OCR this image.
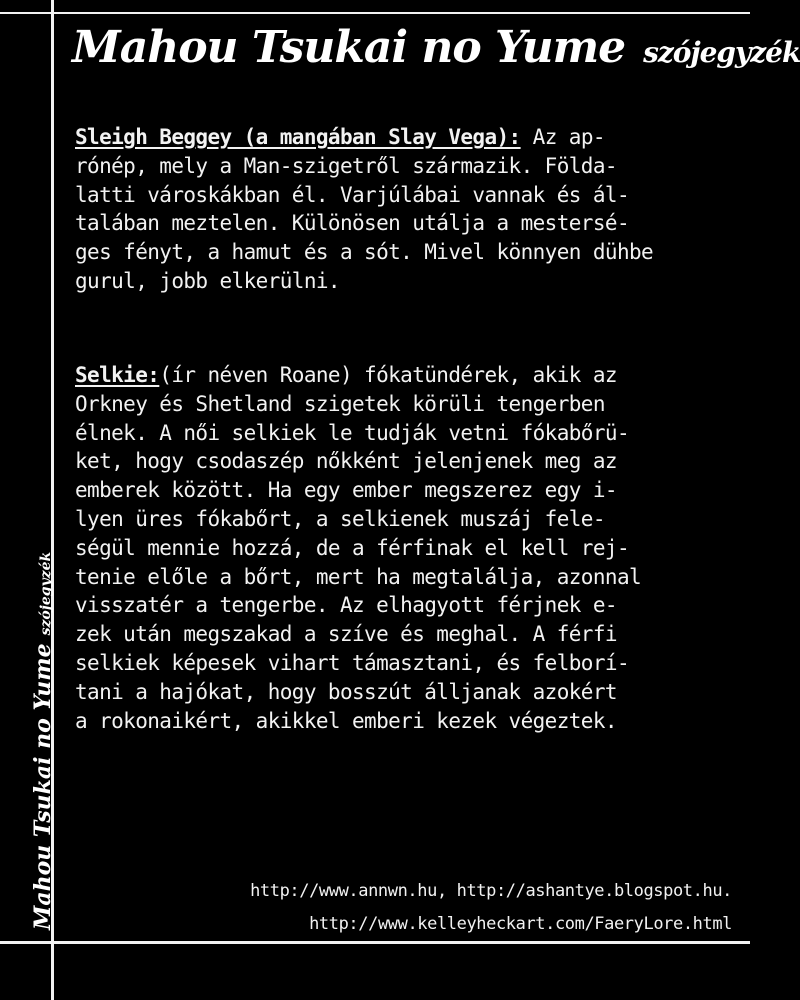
Mahou Tsukai no Yume szójegyzék
Mahou Tsukai no Yumeszójegyzék
Sleigh Beggey (a mangában Slay Vega): Az ap-
rónép, mely a Man-szigetről származik. Földa-
latti városkákban él. Varjúlábai vannak és ál-
talában meztelen. Különösen utálja a mestersé-
ges fényt, a hamut és a sót. Mivel könnyen dühbe
gurul, jobb elkerülni.
Selkie:(ír néven Roane) fókatündérek, akik az
Orkney és Shetland szigetek körüli tengerben
élnek. A női selkiek le tudják vetni fókabőrü-
ket, hogy csodaszép nőkként jelenjenek meg az
emberek között. Ha egy ember megszerez egy i-
lyen üres fókabőrt, a selkienek muszáj fele-
ségül mennie hozzá, de a férfinak el kell rej-
tenie előle a bőrt, mert ha megtalálja, azonnal
visszatér a tengerbe. Az elhagyott férjnek e-
zek után megszakad a szíve és meghal. A férfi
selkiek képesek vihart támasztani, és felborí-
tani a hajókat, hogy bosszút álljanak azokért
a rokonaikért, akikkel emberi kezek végeztek.
http://www.annwn.hu, http://ashantye.blogspot.hu.
http://www.kelleyheckart.com/FaeryLore.html
